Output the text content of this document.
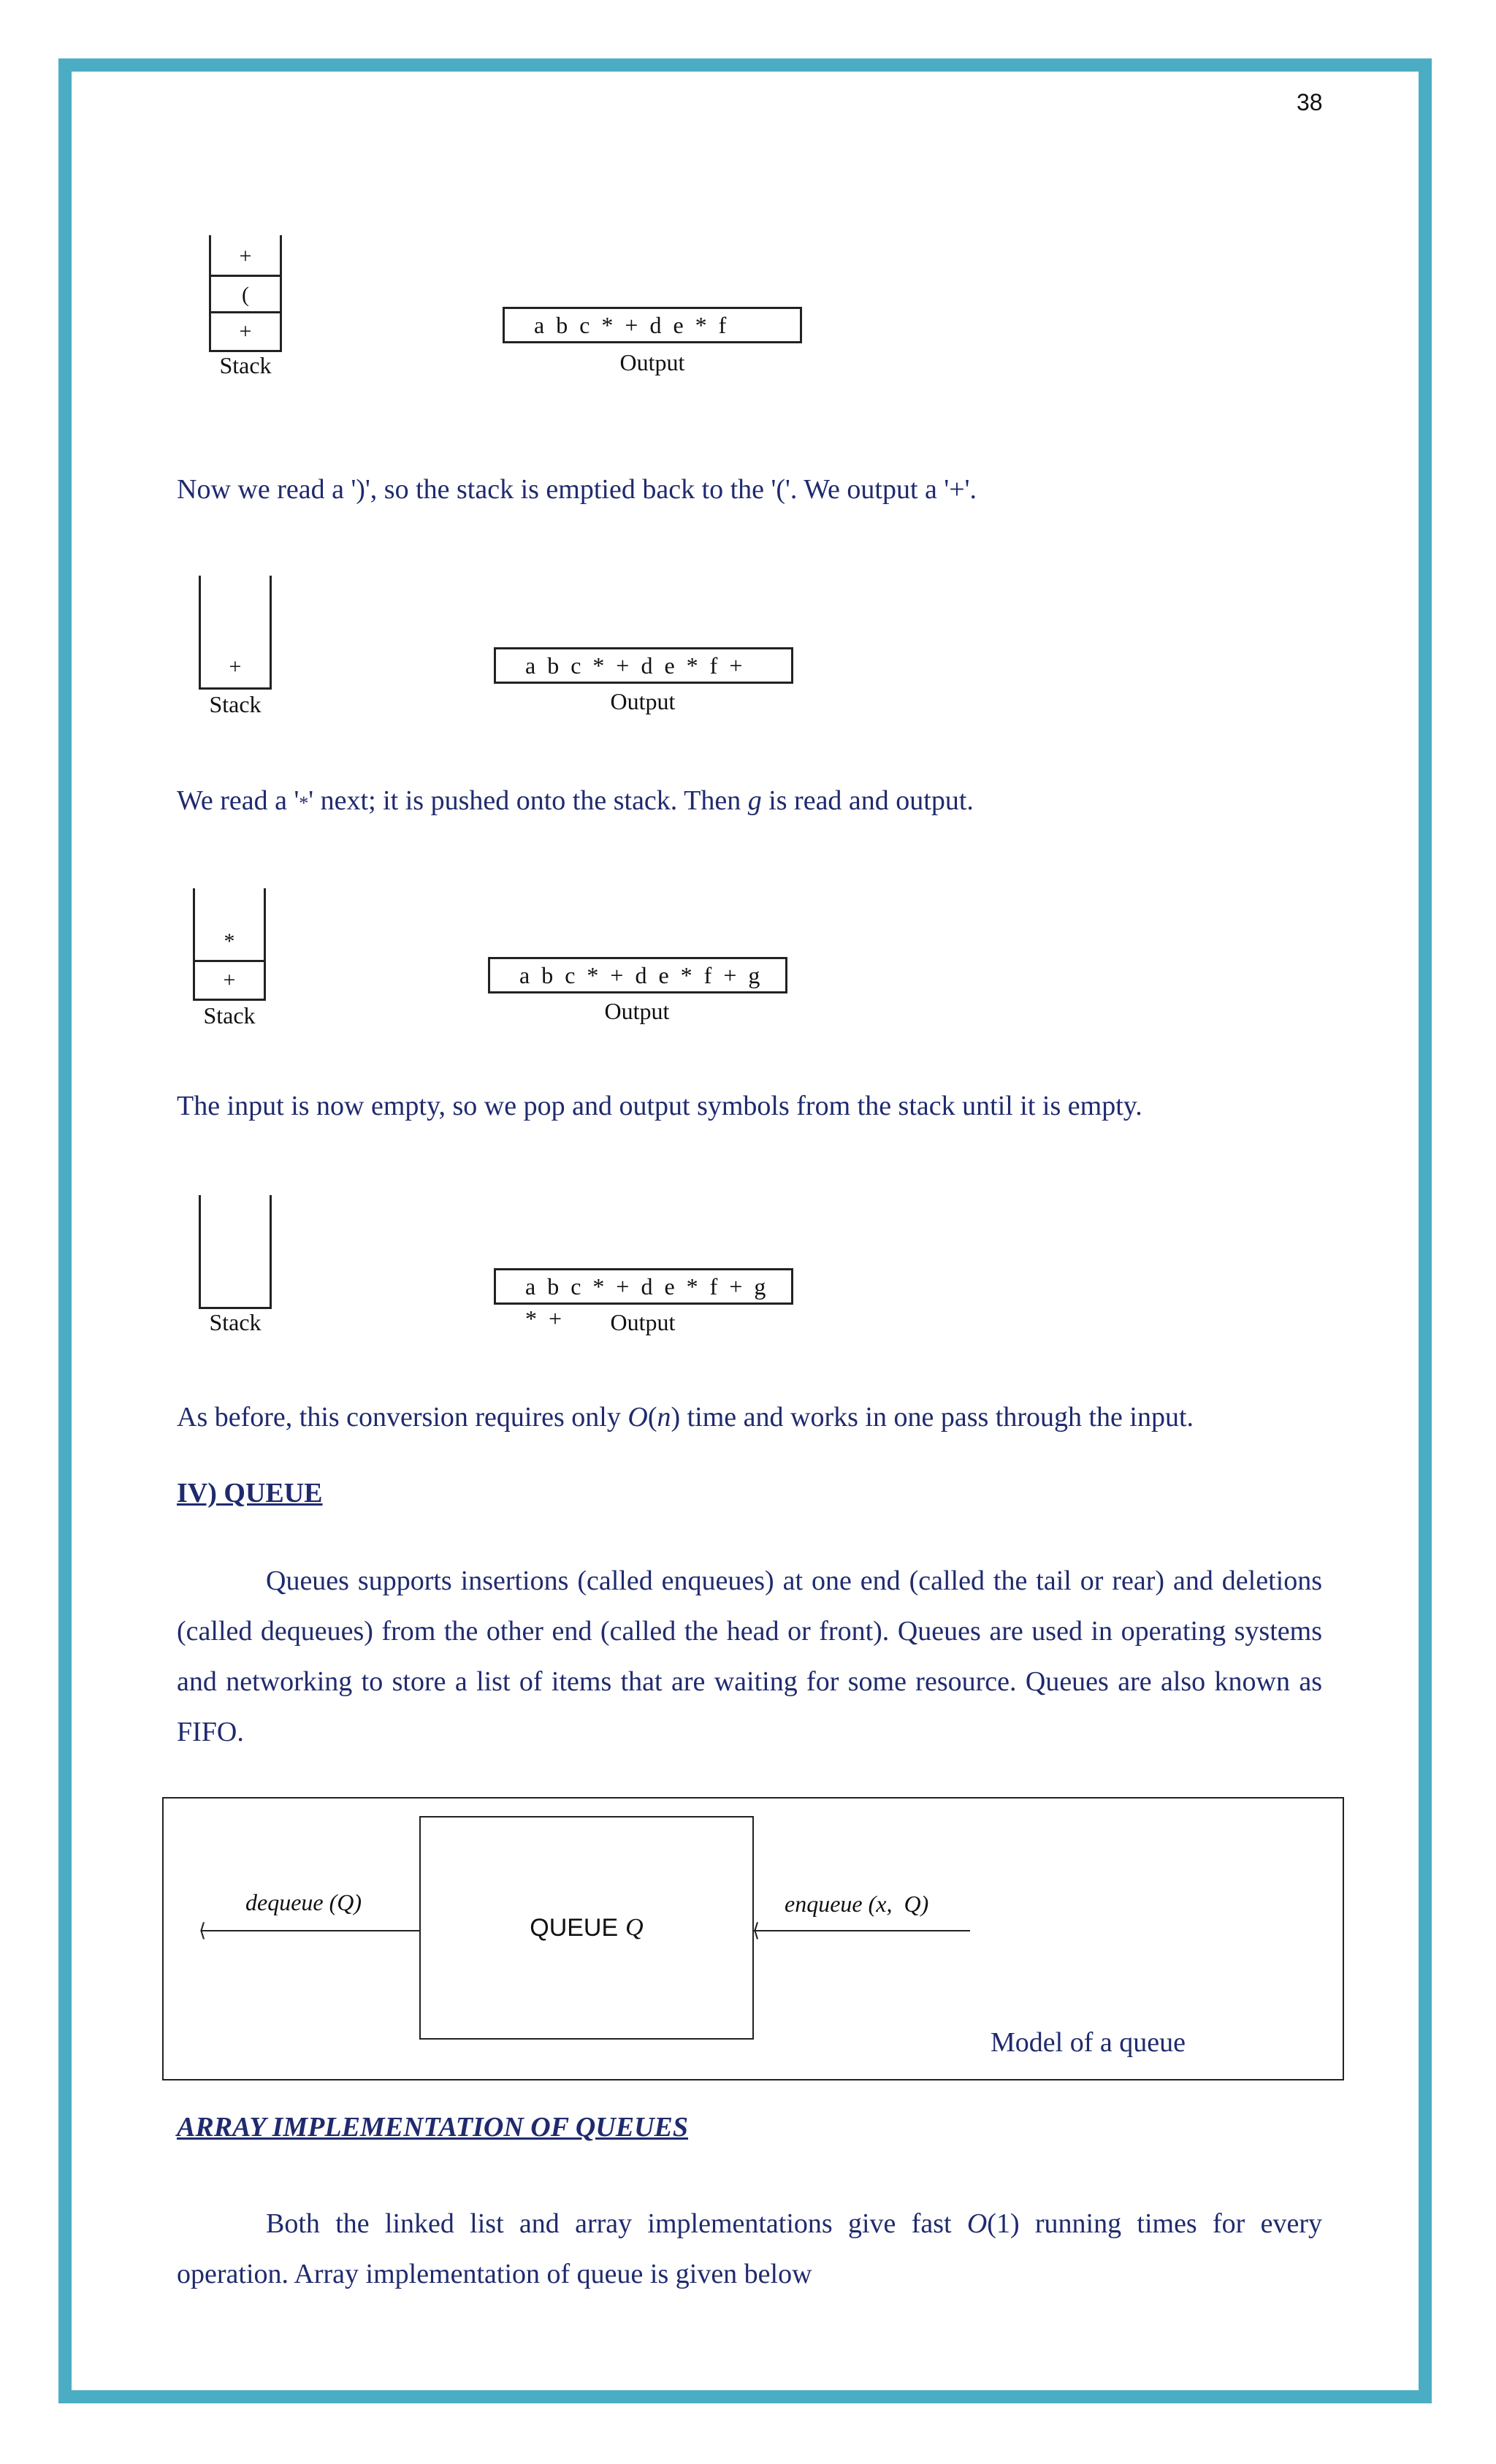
38
+
(
+
Stack
a b c * + d e * f
Output

Now we read a ')', so the stack is emptied back to the '('. We output a '+'.

+
Stack
a b c * + d e * f +
Output

We read a '*' next; it is pushed onto the stack. Then g is read and output.

*
+
Stack
a b c * + d e * f + g
Output

The input is now empty, so we pop and output symbols from the stack until it is empty.

Stack
a b c * + d e * f + g * +	Output

As before, this conversion requires only O(n) time and works in one pass through the input.

IV) QUEUE

Queues supports insertions (called enqueues) at one end (called the tail or rear) and deletions (called dequeues) from the other end (called the head or front). Queues are used in operating systems and networking to store a list of items that are waiting for some resource. Queues are also known as FIFO.

QUEUE Q
⟨
dequeue (Q)
⟨
enqueue (x,  Q)
Model of a queue
ARRAY IMPLEMENTATION OF QUEUES

Both the linked list and array implementations give fast O(1) running times for every operation. Array implementation of queue is given below
